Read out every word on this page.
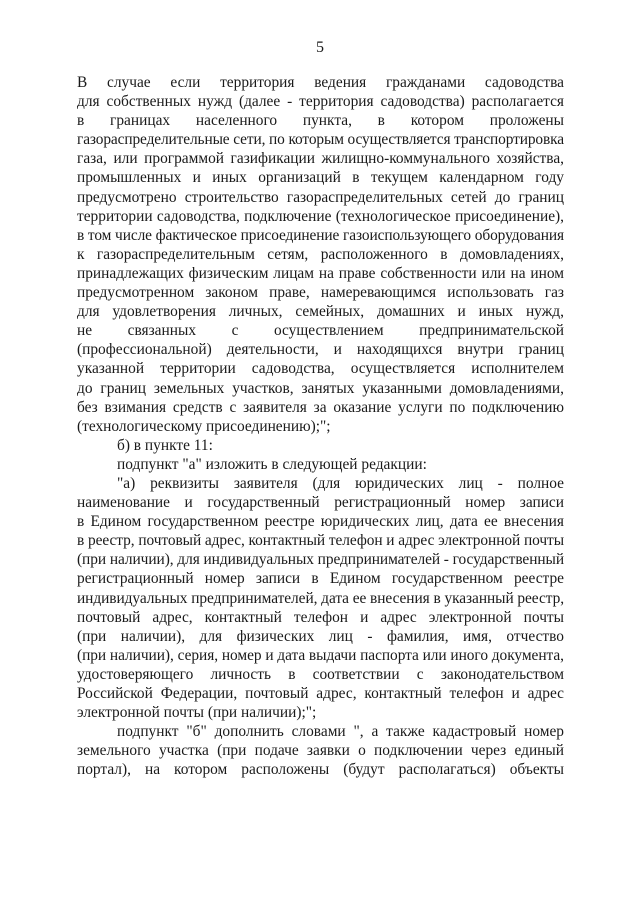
5
В случае если территория ведения гражданами садоводства
для собственных нужд (далее - территория садоводства) располагается
в границах населенного пункта, в котором проложены
газораспределительные сети, по которым осуществляется транспортировка
газа, или программой газификации жилищно-коммунального хозяйства,
промышленных и иных организаций в текущем календарном году
предусмотрено строительство газораспределительных сетей до границ
территории садоводства, подключение (технологическое присоединение),
в том числе фактическое присоединение газоиспользующего оборудования
к газораспределительным сетям, расположенного в домовладениях,
принадлежащих физическим лицам на праве собственности или на ином
предусмотренном законом праве, намеревающимся использовать газ
для удовлетворения личных, семейных, домашних и иных нужд,
не связанных с осуществлением предпринимательской
(профессиональной) деятельности, и находящихся внутри границ
указанной территории садоводства, осуществляется исполнителем
до границ земельных участков, занятых указанными домовладениями,
без взимания средств с заявителя за оказание услуги по подключению
(технологическому присоединению);";
б) в пункте 11:
подпункт "а" изложить в следующей редакции:
"а) реквизиты заявителя (для юридических лиц - полное
наименование и государственный регистрационный номер записи
в Едином государственном реестре юридических лиц, дата ее внесения
в реестр, почтовый адрес, контактный телефон и адрес электронной почты
(при наличии), для индивидуальных предпринимателей - государственный
регистрационный номер записи в Едином государственном реестре
индивидуальных предпринимателей, дата ее внесения в указанный реестр,
почтовый адрес, контактный телефон и адрес электронной почты
(при наличии), для физических лиц - фамилия, имя, отчество
(при наличии), серия, номер и дата выдачи паспорта или иного документа,
удостоверяющего личность в соответствии с законодательством
Российской Федерации, почтовый адрес, контактный телефон и адрес
электронной почты (при наличии);";
подпункт "б" дополнить словами ", а также кадастровый номер
земельного участка (при подаче заявки о подключении через единый
портал), на котором расположены (будут располагаться) объекты
